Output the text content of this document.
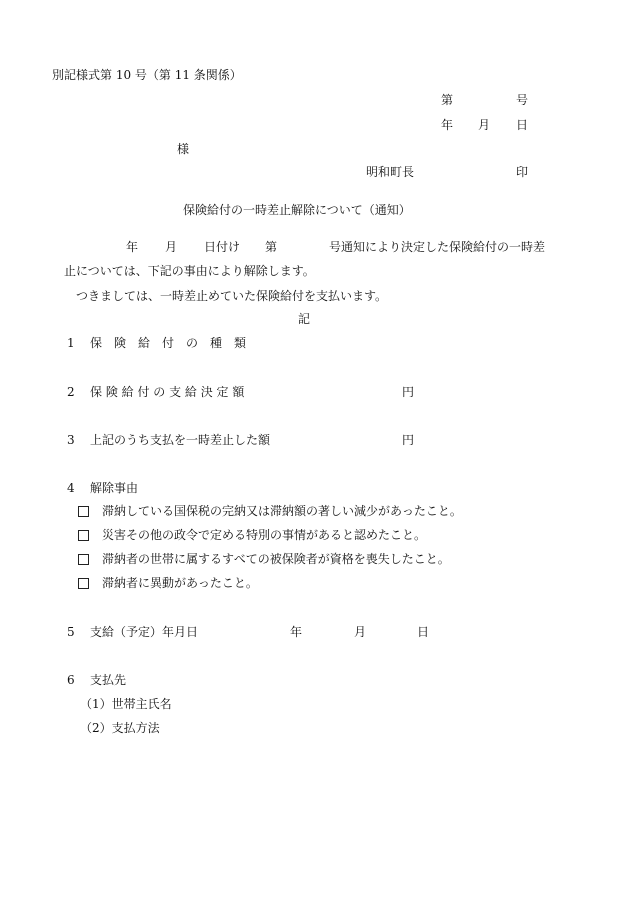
別記様式第 10 号（第 11 条関係）
第	号
年 月 日
様
明和町長	印
保険給付の一時差止解除について（通知）
年 月 日付け 第	号通知により決定した保険給付の一時差
止については、下記の事由により解除します。
つきましては、一時差止めていた保険給付を支払います。
記
1 保　険　給　付　の　種　類
2 保 険 給 付 の 支 給 決 定 額	円
3 上記のうち支払を一時差止した額	円
4 解除事由
滞納している国保税の完納又は滞納額の著しい減少があったこと。
災害その他の政令で定める特別の事情があると認めたこと。
滞納者の世帯に属するすべての被保険者が資格を喪失したこと。
滞納者に異動があったこと。
5 支給（予定）年月日	年	月	日
6 支払先
（1）世帯主氏名
（2）支払方法
